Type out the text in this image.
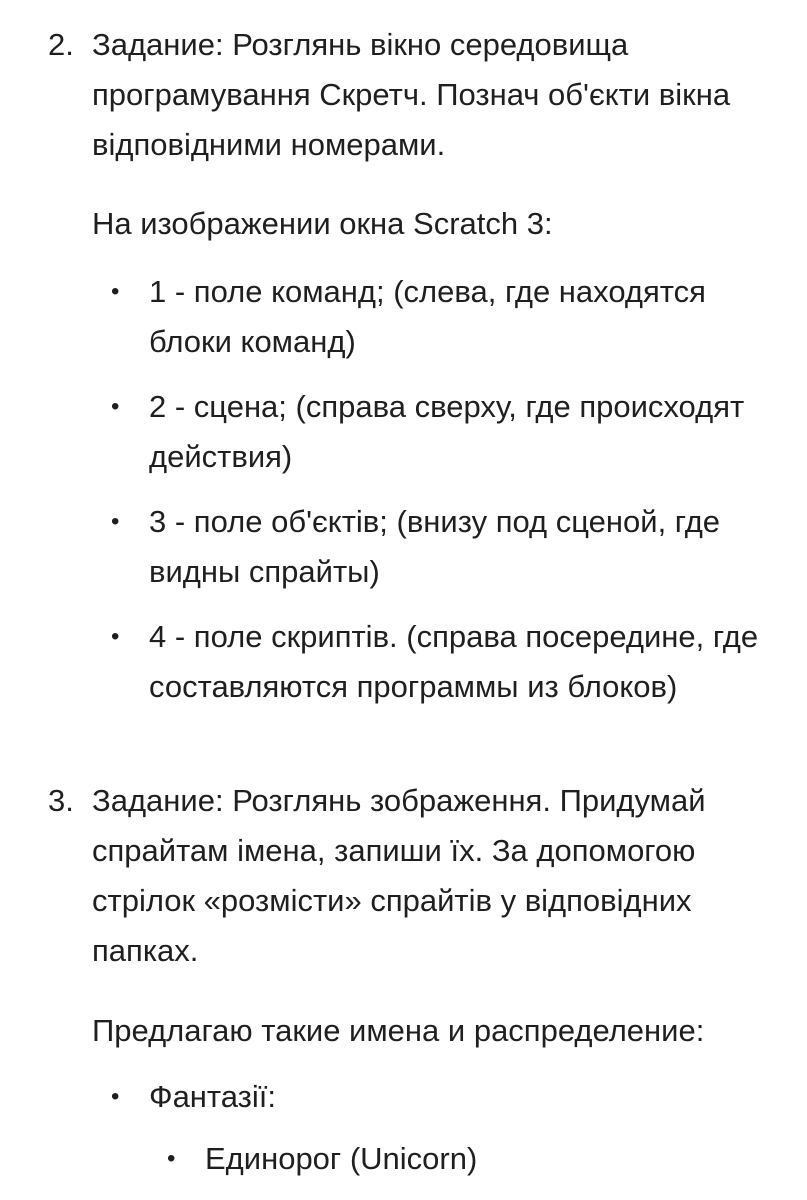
2. Задание: Розглянь вікно середовища програмування Скретч. Познач об'єкти вікна відповідними номерами.
На изображении окна Scratch 3:
• 1 - поле команд; (слева, где находятся блоки команд)
• 2 - сцена; (справа сверху, где происходят действия)
• 3 - поле об'єктів; (внизу под сценой, где видны спрайты)
• 4 - поле скриптів. (справа посередине, где составляются программы из блоков)
3. Задание: Розглянь зображення. Придумай спрайтам імена, запиши їх. За допомогою стрілок «розмісти» спрайтів у відповідних папках.
Предлагаю такие имена и распределение:
• Фантазії:
• Единорог (Unicorn)
